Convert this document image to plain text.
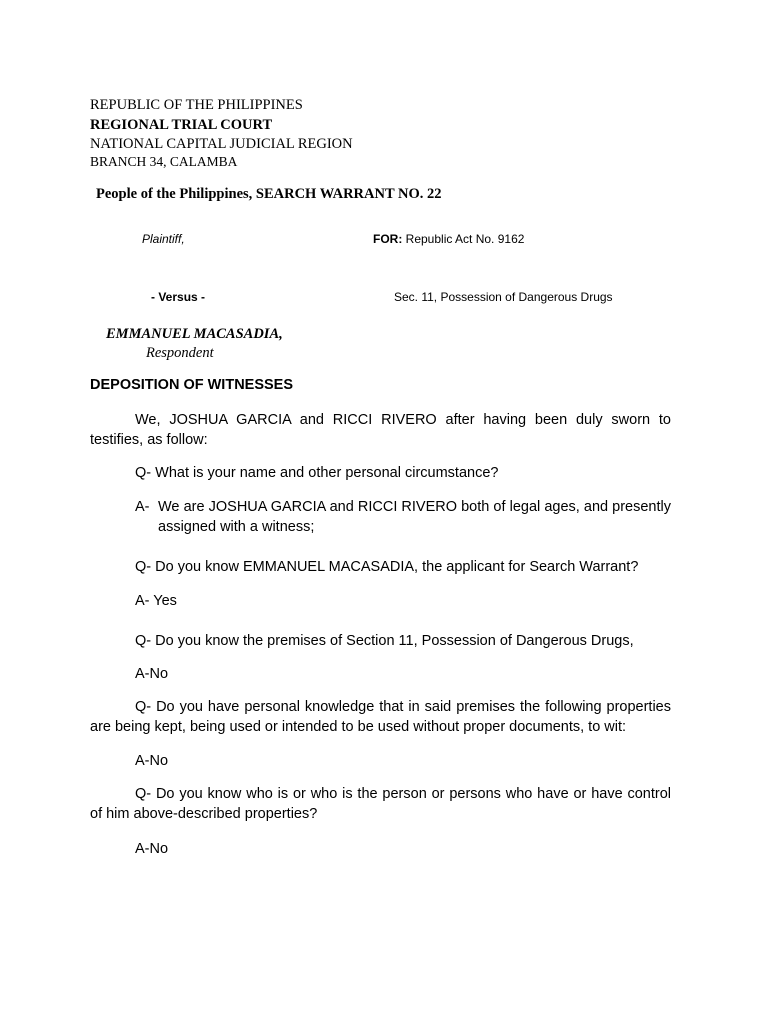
REPUBLIC OF THE PHILIPPINES
REGIONAL TRIAL COURT
NATIONAL CAPITAL JUDICIAL REGION
BRANCH 34, CALAMBA
People of the Philippines, SEARCH WARRANT NO. 22
Plaintiff,	FOR: Republic Act No. 9162
- Versus -	Sec. 11, Possession of Dangerous Drugs
EMMANUEL MACASADIA,
Respondent
DEPOSITION OF WITNESSES
We, JOSHUA GARCIA and RICCI RIVERO after having been duly sworn to testifies, as follow:
Q- What is your name and other personal circumstance?
A- We are JOSHUA GARCIA and RICCI RIVERO both of legal ages, and presently assigned with a witness;
Q- Do you know EMMANUEL MACASADIA, the applicant for Search Warrant?
A- Yes
Q- Do you know the premises of Section 11, Possession of Dangerous Drugs,
A-No
Q- Do you have personal knowledge that in said premises the following properties are being kept, being used or intended to be used without proper documents, to wit:
A-No
Q- Do you know who is or who is the person or persons who have or have control of him above-described properties?
A-No
